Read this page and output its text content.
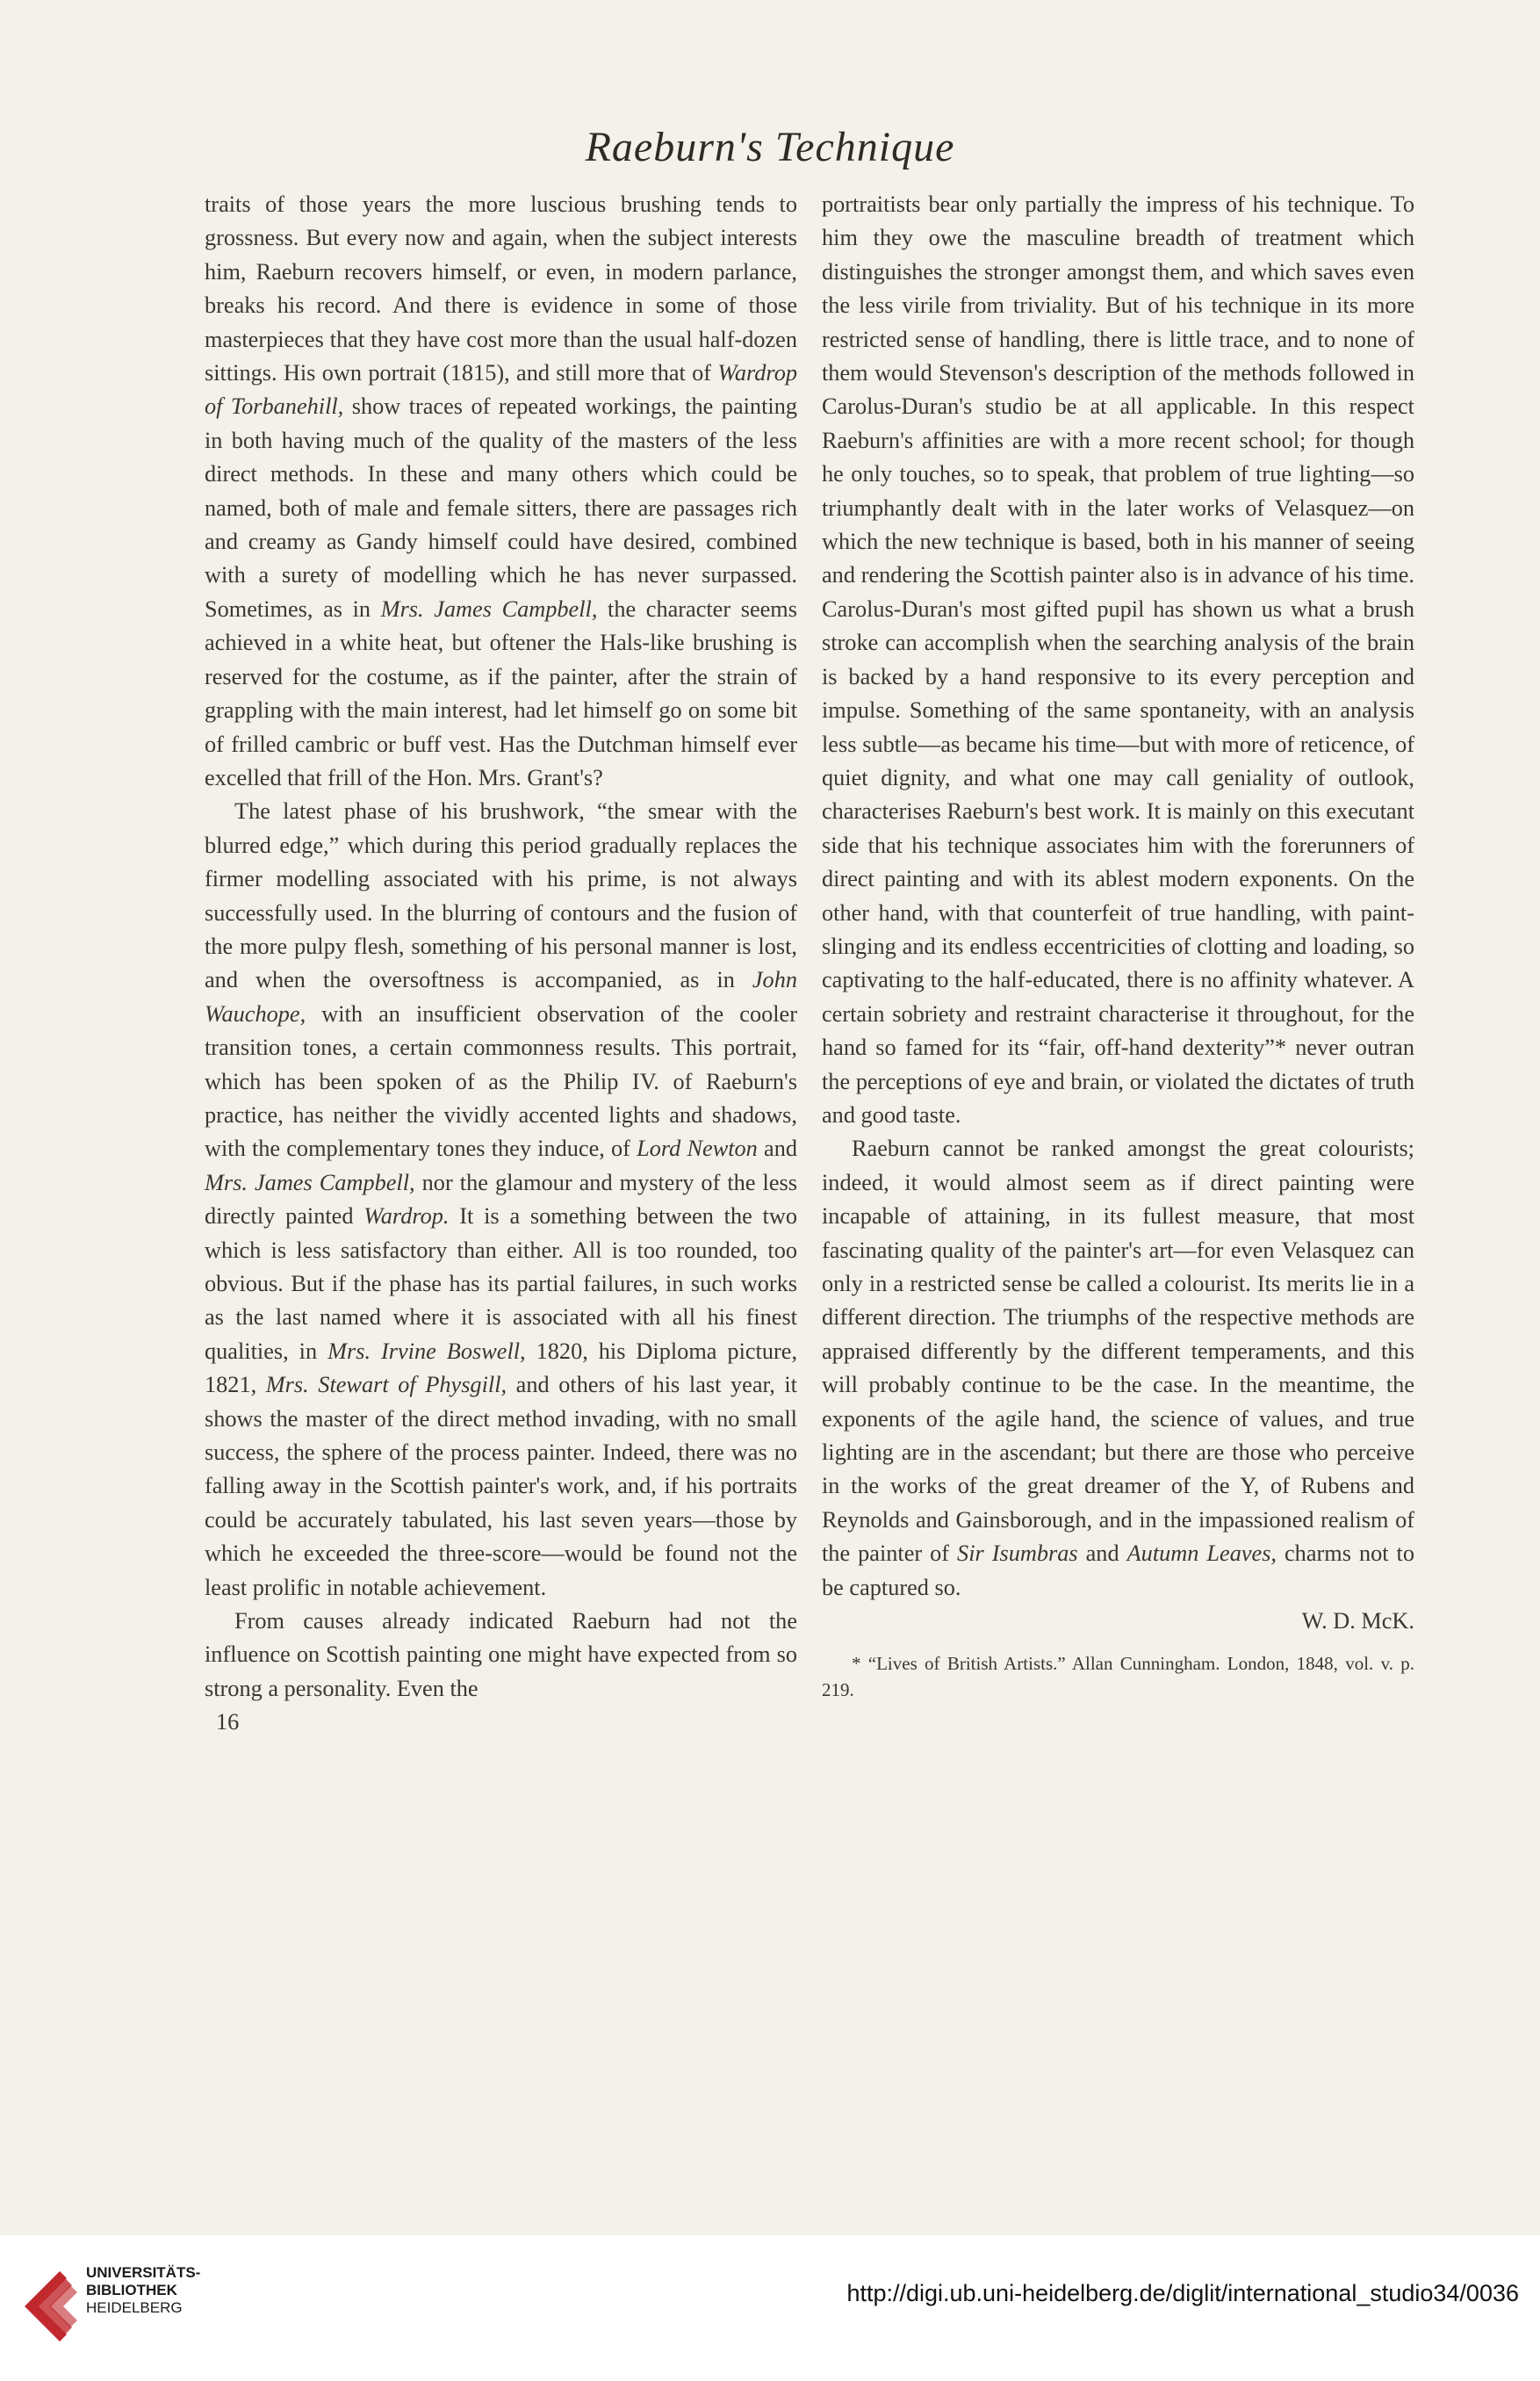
Raeburn's Technique

traits of those years the more luscious brushing tends to grossness. But every now and again, when the subject interests him, Raeburn recovers himself, or even, in modern parlance, breaks his record. And there is evidence in some of those masterpieces that they have cost more than the usual half-dozen sittings. His own portrait (1815), and still more that of Wardrop of Torbanehill, show traces of repeated workings, the painting in both having much of the quality of the masters of the less direct methods. In these and many others which could be named, both of male and female sitters, there are passages rich and creamy as Gandy himself could have desired, combined with a surety of modelling which he has never surpassed. Sometimes, as in Mrs. James Campbell, the character seems achieved in a white heat, but oftener the Hals-like brushing is reserved for the costume, as if the painter, after the strain of grappling with the main interest, had let himself go on some bit of frilled cambric or buff vest. Has the Dutchman himself ever excelled that frill of the Hon. Mrs. Grant's?

The latest phase of his brushwork, “the smear with the blurred edge,” which during this period gradually replaces the firmer modelling associated with his prime, is not always successfully used. In the blurring of contours and the fusion of the more pulpy flesh, something of his personal manner is lost, and when the oversoftness is accompanied, as in John Wauchope, with an insufficient observation of the cooler transition tones, a certain commonness results. This portrait, which has been spoken of as the Philip IV. of Raeburn's practice, has neither the vividly accented lights and shadows, with the complementary tones they induce, of Lord Newton and Mrs. James Campbell, nor the glamour and mystery of the less directly painted Wardrop. It is a something between the two which is less satisfactory than either. All is too rounded, too obvious. But if the phase has its partial failures, in such works as the last named where it is associated with all his finest qualities, in Mrs. Irvine Boswell, 1820, his Diploma picture, 1821, Mrs. Stewart of Physgill, and others of his last year, it shows the master of the direct method invading, with no small success, the sphere of the process painter. Indeed, there was no falling away in the Scottish painter's work, and, if his portraits could be accurately tabulated, his last seven years—those by which he exceeded the three-score—would be found not the least prolific in notable achievement.

From causes already indicated Raeburn had not the influence on Scottish painting one might have expected from so strong a personality. Even the

16

portraitists bear only partially the impress of his technique. To him they owe the masculine breadth of treatment which distinguishes the stronger amongst them, and which saves even the less virile from triviality. But of his technique in its more restricted sense of handling, there is little trace, and to none of them would Stevenson's description of the methods followed in Carolus-Duran's studio be at all applicable. In this respect Raeburn's affinities are with a more recent school; for though he only touches, so to speak, that problem of true lighting—so triumphantly dealt with in the later works of Velasquez—on which the new technique is based, both in his manner of seeing and rendering the Scottish painter also is in advance of his time. Carolus-Duran's most gifted pupil has shown us what a brush stroke can accomplish when the searching analysis of the brain is backed by a hand responsive to its every perception and impulse. Something of the same spontaneity, with an analysis less subtle—as became his time—but with more of reticence, of quiet dignity, and what one may call geniality of outlook, characterises Raeburn's best work. It is mainly on this executant side that his technique associates him with the forerunners of direct painting and with its ablest modern exponents. On the other hand, with that counterfeit of true handling, with paint-slinging and its endless eccentricities of clotting and loading, so captivating to the half-educated, there is no affinity whatever. A certain sobriety and restraint characterise it throughout, for the hand so famed for its “fair, off-hand dexterity”* never outran the perceptions of eye and brain, or violated the dictates of truth and good taste.

Raeburn cannot be ranked amongst the great colourists; indeed, it would almost seem as if direct painting were incapable of attaining, in its fullest measure, that most fascinating quality of the painter's art—for even Velasquez can only in a restricted sense be called a colourist. Its merits lie in a different direction. The triumphs of the respective methods are appraised differently by the different temperaments, and this will probably continue to be the case. In the meantime, the exponents of the agile hand, the science of values, and true lighting are in the ascendant; but there are those who perceive in the works of the great dreamer of the Y, of Rubens and Reynolds and Gainsborough, and in the impassioned realism of the painter of Sir Isumbras and Autumn Leaves, charms not to be captured so.

W. D. McK.
* “Lives of British Artists.” Allan Cunningham. London, 1848, vol. v. p. 219.
UNIVERSITÄTS-
BIBLIOTHEK
HEIDELBERG
http://digi.ub.uni-heidelberg.de/diglit/international_studio34/0036
